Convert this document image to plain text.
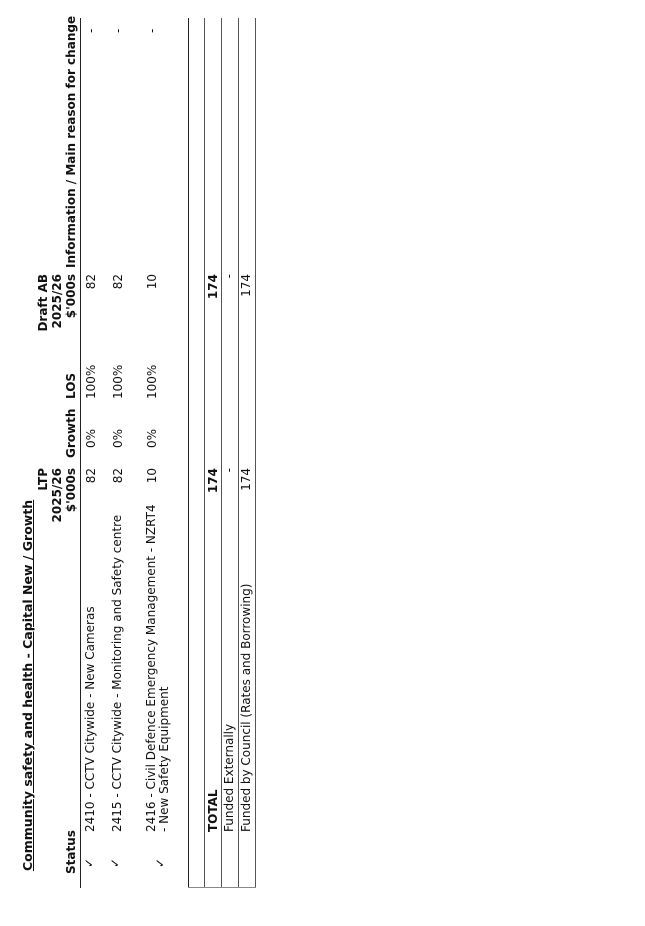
Community safety and health - Capital New / Growth Status
LTP 2025/26 $'000s
Growth
LOS
Draft AB 2025/26 $'000s
Information / Main reason for change
✓
2410 - CCTV Citywide - New Cameras
82
0%
100%
82
-
✓
2415 - CCTV Citywide - Monitoring and Safety centre
82
0%
100%
82
-
✓
2416 - Civil Defence Emergency Management - NZRT4 - New Safety Equipment
10
0%
100%
10
-
TOTAL
174
174
Funded Externally
-
-
Funded by Council (Rates and Borrowing)
174
174
